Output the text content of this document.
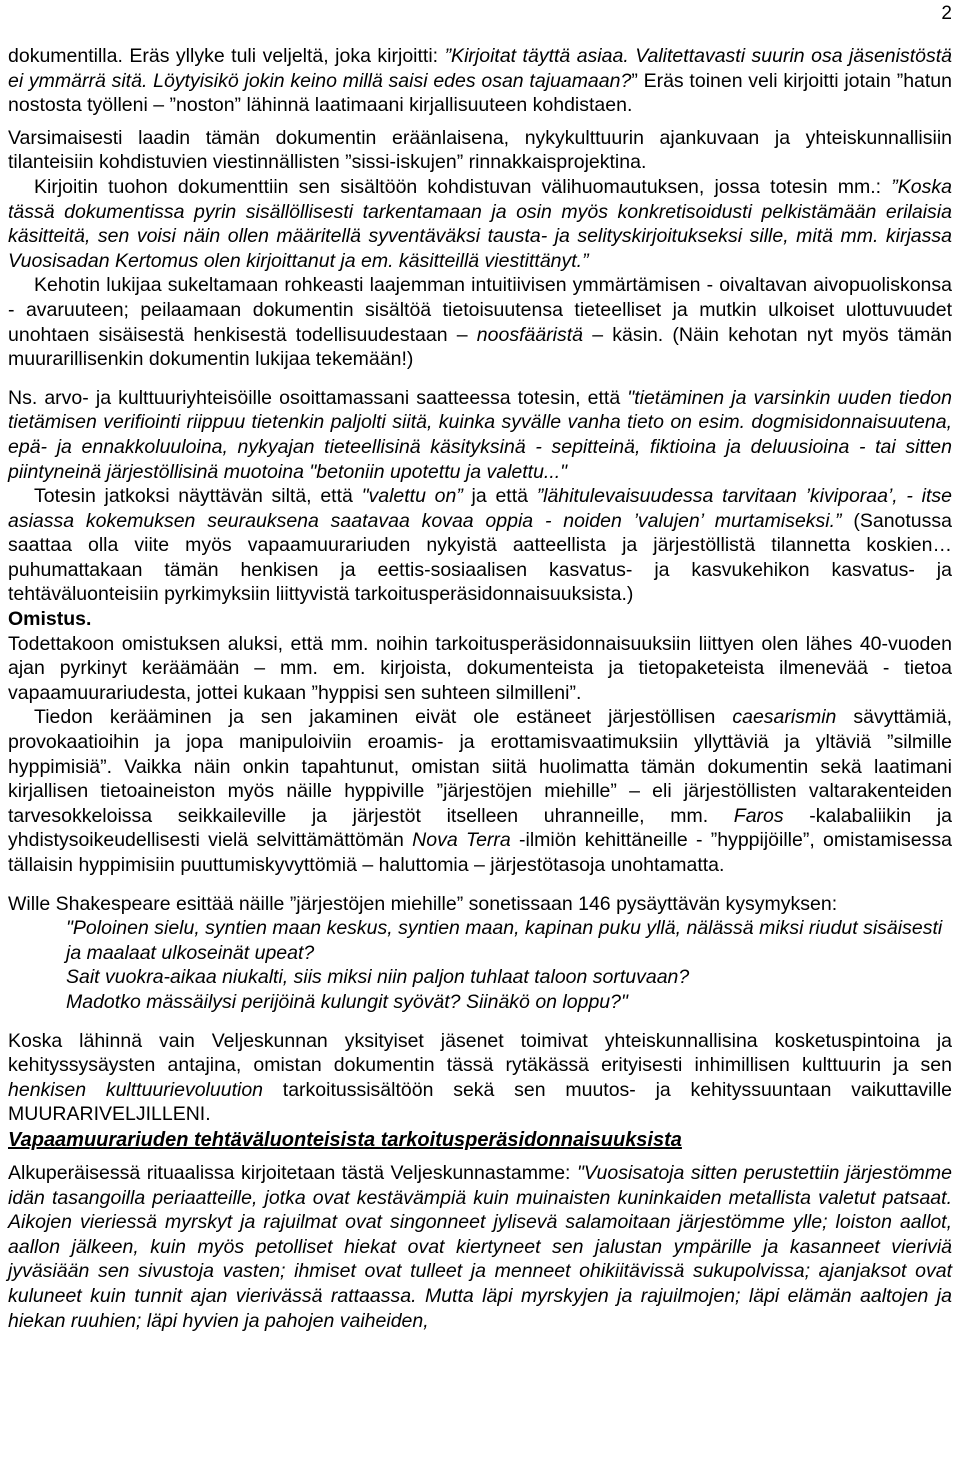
2

dokumentilla. Eräs yllyke tuli veljeltä, joka kirjoitti: ”Kirjoitat täyttä asiaa. Valitettavasti suurin osa jäsenistöstä ei ymmärrä sitä. Löytyisikö jokin keino millä saisi edes osan tajuamaan?” Eräs toinen veli kirjoitti jotain ”hatun nostosta työlleni – ”noston” lähinnä laatimaani kirjallisuuteen kohdistaen.

Varsimaisesti laadin tämän dokumentin eräänlaisena, nykykulttuurin ajankuvaan ja yhteiskunnallisiin tilanteisiin kohdistuvien viestinnällisten ”sissi-iskujen” rinnakkaisprojektina.

Kirjoitin tuohon dokumenttiin sen sisältöön kohdistuvan välihuomautuksen, jossa totesin mm.: ”Koska tässä dokumentissa pyrin sisällöllisesti tarkentamaan ja osin myös konkretisoidusti pelkistämään erilaisia käsitteitä, sen voisi näin ollen määritellä syventäväksi tausta- ja selityskirjoitukseksi sille, mitä mm. kirjassa Vuosisadan Kertomus olen kirjoittanut ja em. käsitteillä viestittänyt.”

Kehotin lukijaa sukeltamaan rohkeasti laajemman intuitiivisen ymmärtämisen - oivaltavan aivopuoliskonsa - avaruuteen; peilaamaan dokumentin sisältöä tietoisuutensa tieteelliset ja mutkin ulkoiset ulottuvuudet unohtaen sisäisestä henkisestä todellisuudestaan – noosfääristä – käsin. (Näin kehotan nyt myös tämän muurarillisenkin dokumentin lukijaa tekemään!)

Ns. arvo- ja kulttuuriyhteisöille osoittamassani saatteessa totesin, että "tietäminen ja varsinkin uuden tiedon tietämisen verifiointi riippuu tietenkin paljolti siitä, kuinka syvälle vanha tieto on esim. dogmisidonnaisuutena, epä- ja ennakkoluuloina, nykyajan tieteellisinä käsityksinä - sepitteinä, fiktioina ja deluusioina - tai sitten piintyneinä järjestöllisinä muotoina "betoniin upotettu ja valettu..."

Totesin jatkoksi näyttävän siltä, että "valettu on” ja että ”lähitulevaisuudessa tarvitaan ’kiviporaa’, - itse asiassa kokemuksen seurauksena saatavaa kovaa oppia - noiden ’valujen’ murtamiseksi.” (Sanotussa saattaa olla viite myös vapaamuurariuden nykyistä aatteellista ja järjestöllistä tilannetta koskien… puhumattakaan tämän henkisen ja eettis-sosiaalisen kasvatus- ja kasvukehikon kasvatus- ja tehtäväluonteisiin pyrkimyksiin liittyvistä tarkoitusperäsidonnaisuuksista.)

Omistus.

Todettakoon omistuksen aluksi, että mm. noihin tarkoitusperäsidonnaisuuksiin liittyen olen lähes 40-vuoden ajan pyrkinyt keräämään – mm. em. kirjoista, dokumenteista ja tietopaketeista ilmenevää - tietoa vapaamuurariudesta, jottei kukaan ”hyppisi sen suhteen silmilleni”.

Tiedon kerääminen ja sen jakaminen eivät ole estäneet järjestöllisen caesarismin sävyttämiä, provokaatioihin ja jopa manipuloiviin eroamis- ja erottamisvaatimuksiin yllyttäviä ja yltäviä ”silmille hyppimisiä”. Vaikka näin onkin tapahtunut, omistan siitä huolimatta tämän dokumentin sekä laatimani kirjallisen tietoaineiston myös näille hyppiville ”järjestöjen miehille” – eli järjestöllisten valtarakenteiden tarvesokkeloissa seikkaileville ja järjestöt itselleen uhranneille, mm. Faros -kalabaliikin ja yhdistysoikeudellisesti vielä selvittämättömän Nova Terra -ilmiön kehittäneille - ”hyppijöille”, omistamisessa tällaisin hyppimisiin puuttumiskyvyttömiä – haluttomia – järjestötasoja unohtamatta.

Wille Shakespeare esittää näille ”järjestöjen miehille” sonetissaan 146 pysäyttävän kysymyksen:

"Poloinen sielu, syntien maan keskus, syntien maan, kapinan puku yllä, nälässä miksi riudut sisäisesti ja maalaat ulkoseinät upeat?

Sait vuokra-aikaa niukalti, siis miksi niin paljon tuhlaat taloon sortuvaan?

Madotko mässäilysi perijöinä kulungit syövät? Siinäkö on loppu?"

Koska lähinnä vain Veljeskunnan yksityiset jäsenet toimivat yhteiskunnallisina kosketuspintoina ja kehityssysäysten antajina, omistan dokumentin tässä rytäkässä erityisesti inhimillisen kulttuurin ja sen henkisen kulttuurievoluution tarkoitussisältöön sekä sen muutos- ja kehityssuuntaan vaikuttaville MUURARIVELJILLENI.

Vapaamuurariuden tehtäväluonteisista tarkoitusperäsidonnaisuuksista

Alkuperäisessä rituaalissa kirjoitetaan tästä Veljeskunnastamme: "Vuosisatoja sitten perustettiin järjestömme idän tasangoilla periaatteille, jotka ovat kestävämpiä kuin muinaisten kuninkaiden metallista valetut patsaat. Aikojen vieriessä myrskyt ja rajuilmat ovat singonneet jylisevä salamoitaan järjestömme ylle; loiston aallot, aallon jälkeen, kuin myös petolliset hiekat ovat kiertyneet sen jalustan ympärille ja kasanneet vieriviä jyväsiään sen sivustoja vasten; ihmiset ovat tulleet ja menneet ohikiitävissä sukupolvissa; ajanjaksot ovat kuluneet kuin tunnit ajan vierivässä rattaassa. Mutta läpi myrskyjen ja rajuilmojen; läpi elämän aaltojen ja hiekan ruuhien; läpi hyvien ja pahojen vaiheiden,
